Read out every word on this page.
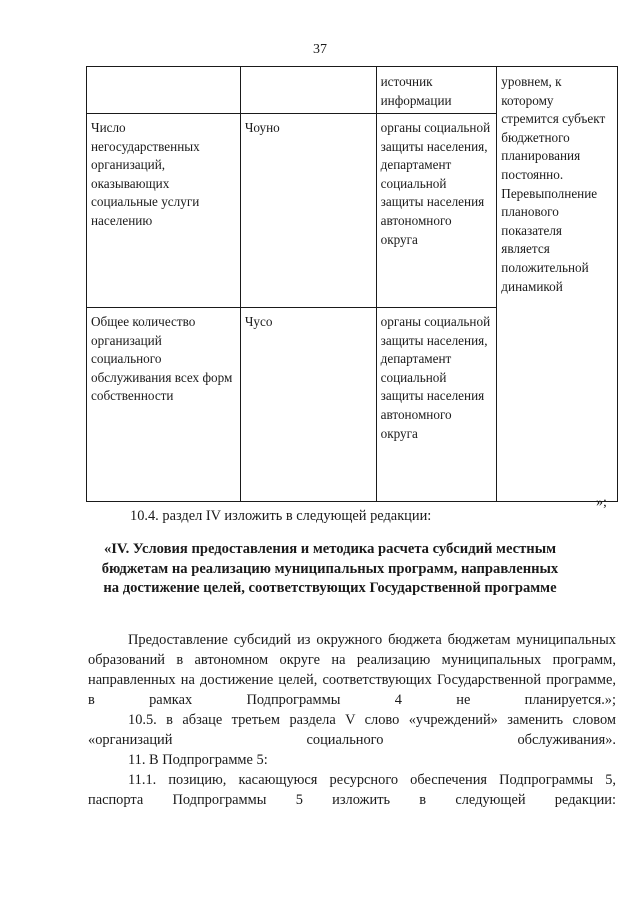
37
		источник информации	уровнем, к которому стремится субъект бюджетного планирования постоянно. Перевыполнение планового показателя является положительной динамикой
Число негосударственных организаций, оказывающих социальные услуги населению	Чоуно	органы социальной защиты населения, департамент социальной защиты населения автономного округа	
Общее количество организаций социального обслуживания всех форм собственности	Чусо	органы социальной защиты населения, департамент социальной защиты населения автономного округа	
»;
10.4. раздел IV изложить в следующей редакции:
«IV. Условия предоставления и методика расчета субсидий местным бюджетам на реализацию муниципальных программ, направленных на достижение целей, соответствующих Государственной программе
Предоставление субсидий из окружного бюджета бюджетам муниципальных образований в автономном округе на реализацию муниципальных программ, направленных на достижение целей, соответствующих Государственной программе, в рамках Подпрограммы 4 не планируется.»;
10.5. в абзаце третьем раздела V слово «учреждений» заменить словом «организаций социального обслуживания».
11. В Подпрограмме 5:
11.1. позицию, касающуюся ресурсного обеспечения Подпрограммы 5, паспорта Подпрограммы 5 изложить в следующей редакции:
